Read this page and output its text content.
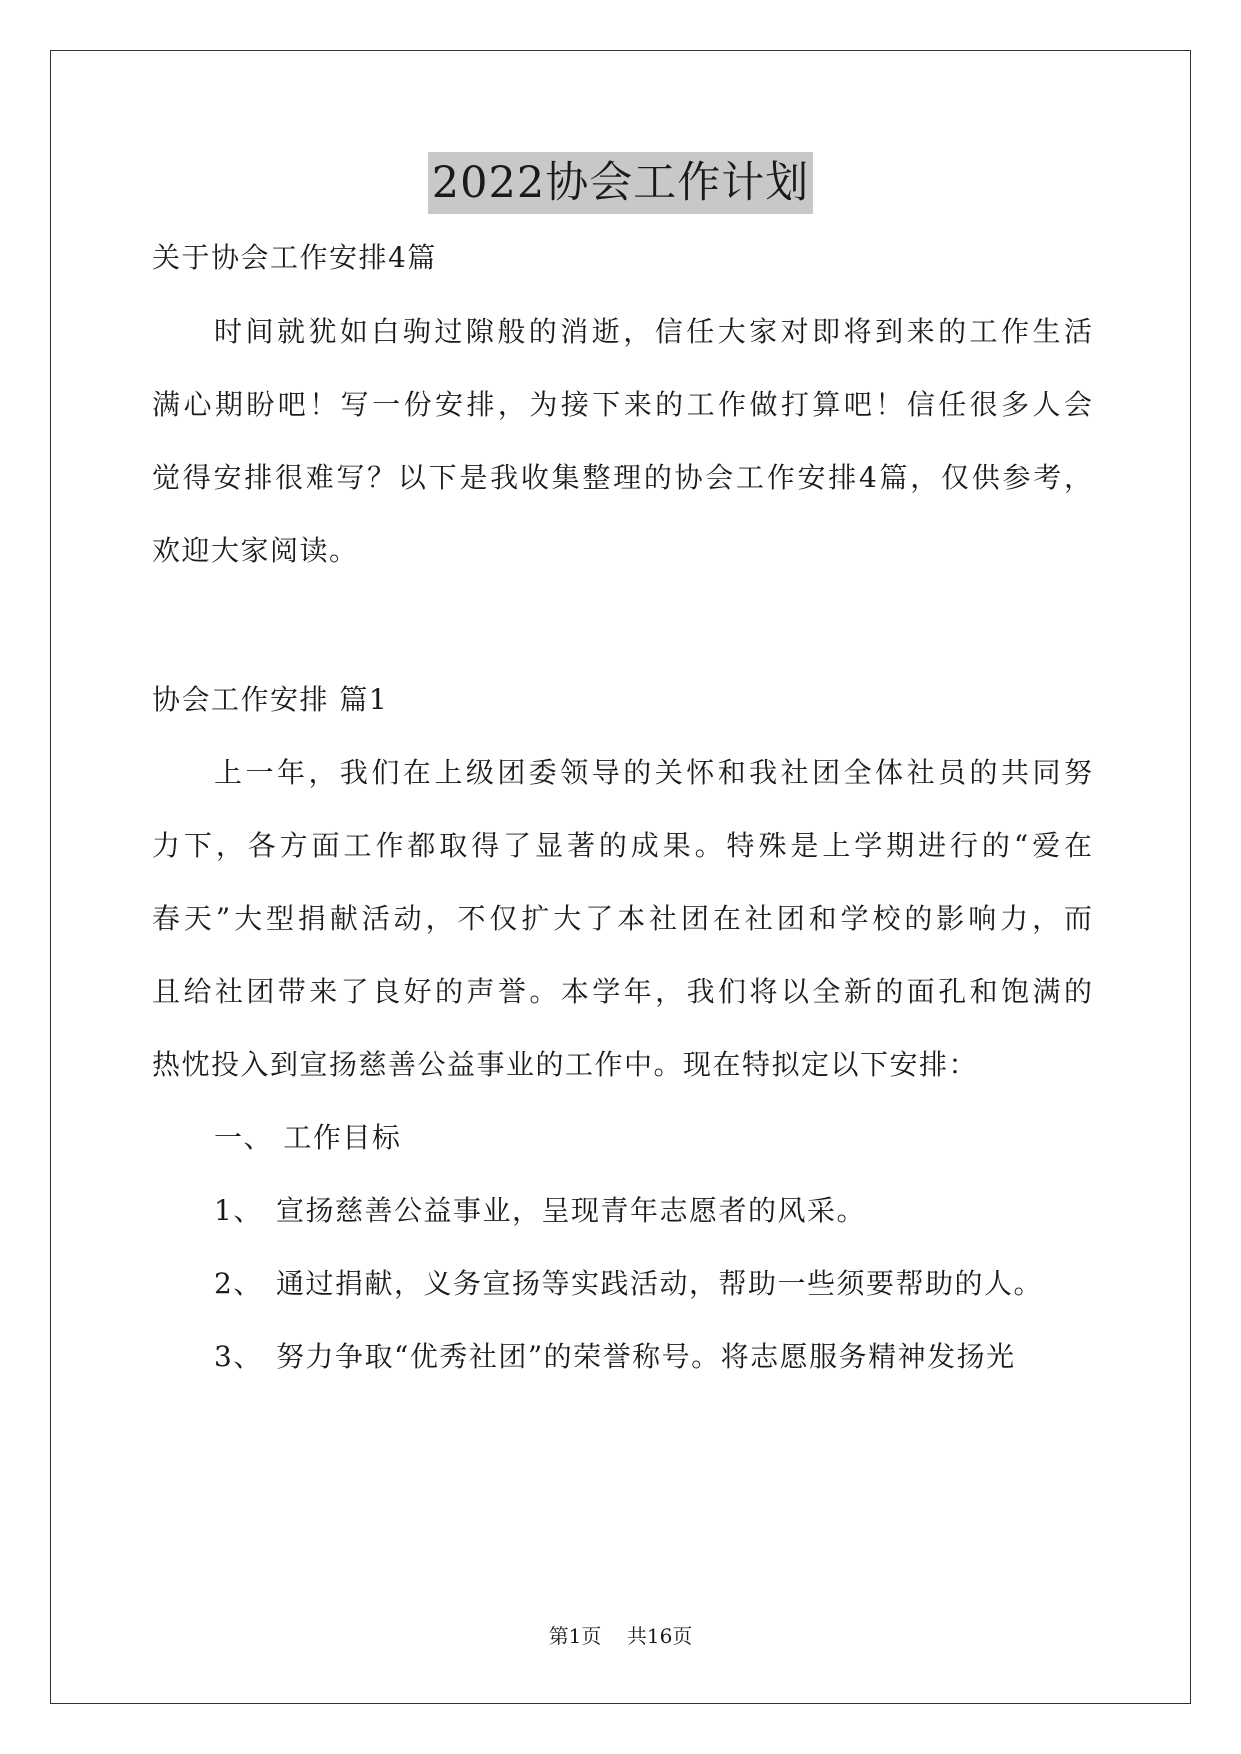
2022协会工作计划
关于协会工作安排4篇
时间就犹如白驹过隙般的消逝，信任大家对即将到来的工作生活
满心期盼吧！写一份安排，为接下来的工作做打算吧！信任很多人会
觉得安排很难写？以下是我收集整理的协会工作安排4篇，仅供参考，
欢迎大家阅读。
协会工作安排 篇1
上一年，我们在上级团委领导的关怀和我社团全体社员的共同努
力下，各方面工作都取得了显著的成果。特殊是上学期进行的“爱在
春天”大型捐献活动，不仅扩大了本社团在社团和学校的影响力，而
且给社团带来了良好的声誉。本学年，我们将以全新的面孔和饱满的
热忱投入到宣扬慈善公益事业的工作中。现在特拟定以下安排：
一、 工作目标
1、 宣扬慈善公益事业，呈现青年志愿者的风采。
2、 通过捐献，义务宣扬等实践活动，帮助一些须要帮助的人。
3、 努力争取“优秀社团”的荣誉称号。将志愿服务精神发扬光
第1页 共16页
